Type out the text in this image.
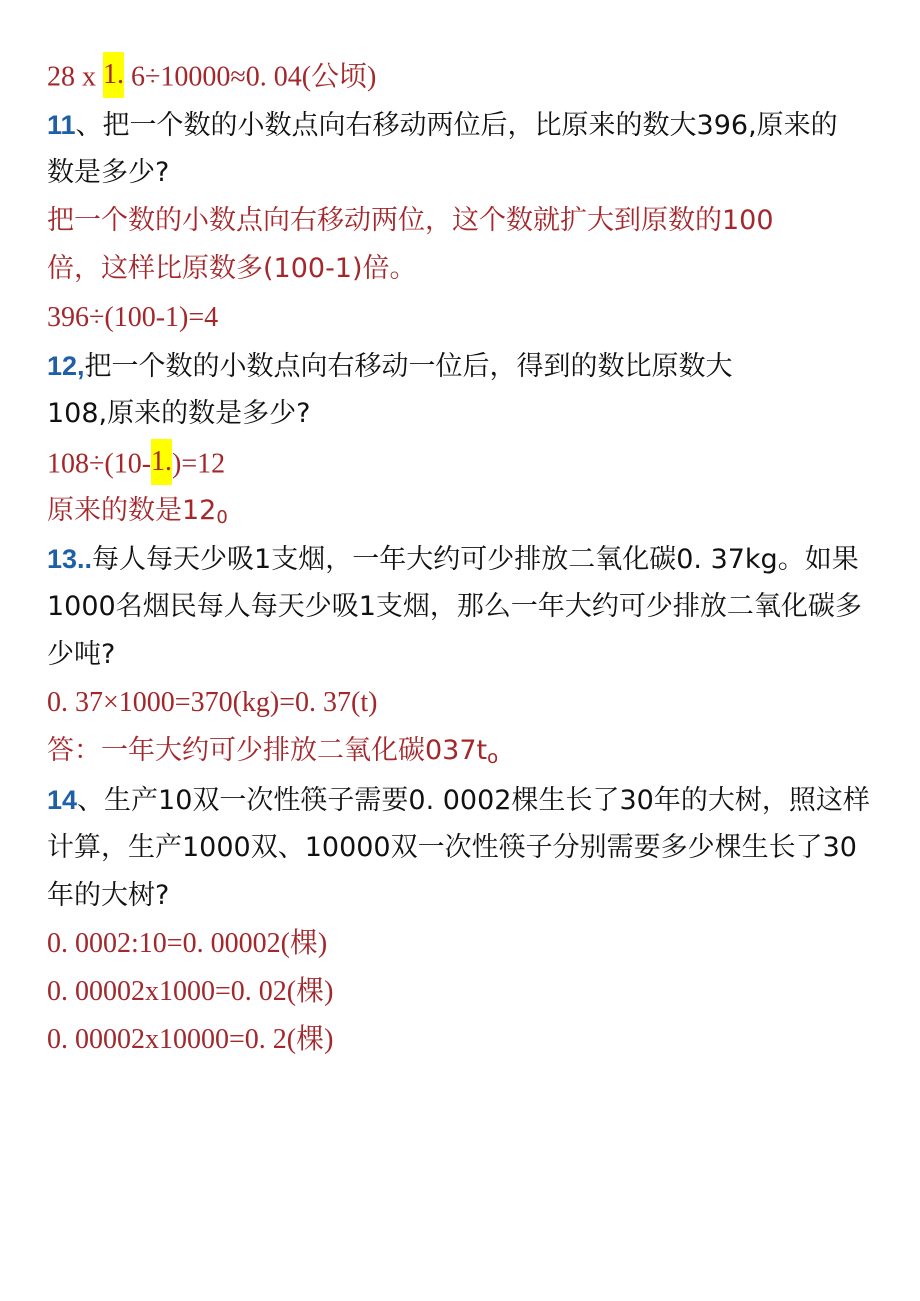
28 x 1. 6÷10000≈0. 04(公顷)
11、把一个数的小数点向右移动两位后，比原来的数大396,原来的
数是多少?
把一个数的小数点向右移动两位，这个数就扩大到原数的100
倍，这样比原数多(100-1)倍。
396÷(100-1)=4
12,把一个数的小数点向右移动一位后，得到的数比原数大
108,原来的数是多少?
108÷(10-1.)=12
原来的数是$12_0$
13..每人每天少吸1支烟，一年大约可少排放二氧化碳0. 37kg。如果
1000名烟民每人每天少吸1支烟，那么一年大约可少排放二氧化碳多
少吨?
0. 37×1000=370(kg)=0. 37(t)
答：一年大约可少排放二氧化碳$037t_o$
14、生产10双一次性筷子需要0. 0002棵生长了30年的大树，照这样
计算，生产1000双、10000双一次性筷子分别需要多少棵生长了30
年的大树?
0. 0002:10=0. 00002(棵)
0. 00002x1000=0. 02(棵)
0. 00002x10000=0. 2(棵)
